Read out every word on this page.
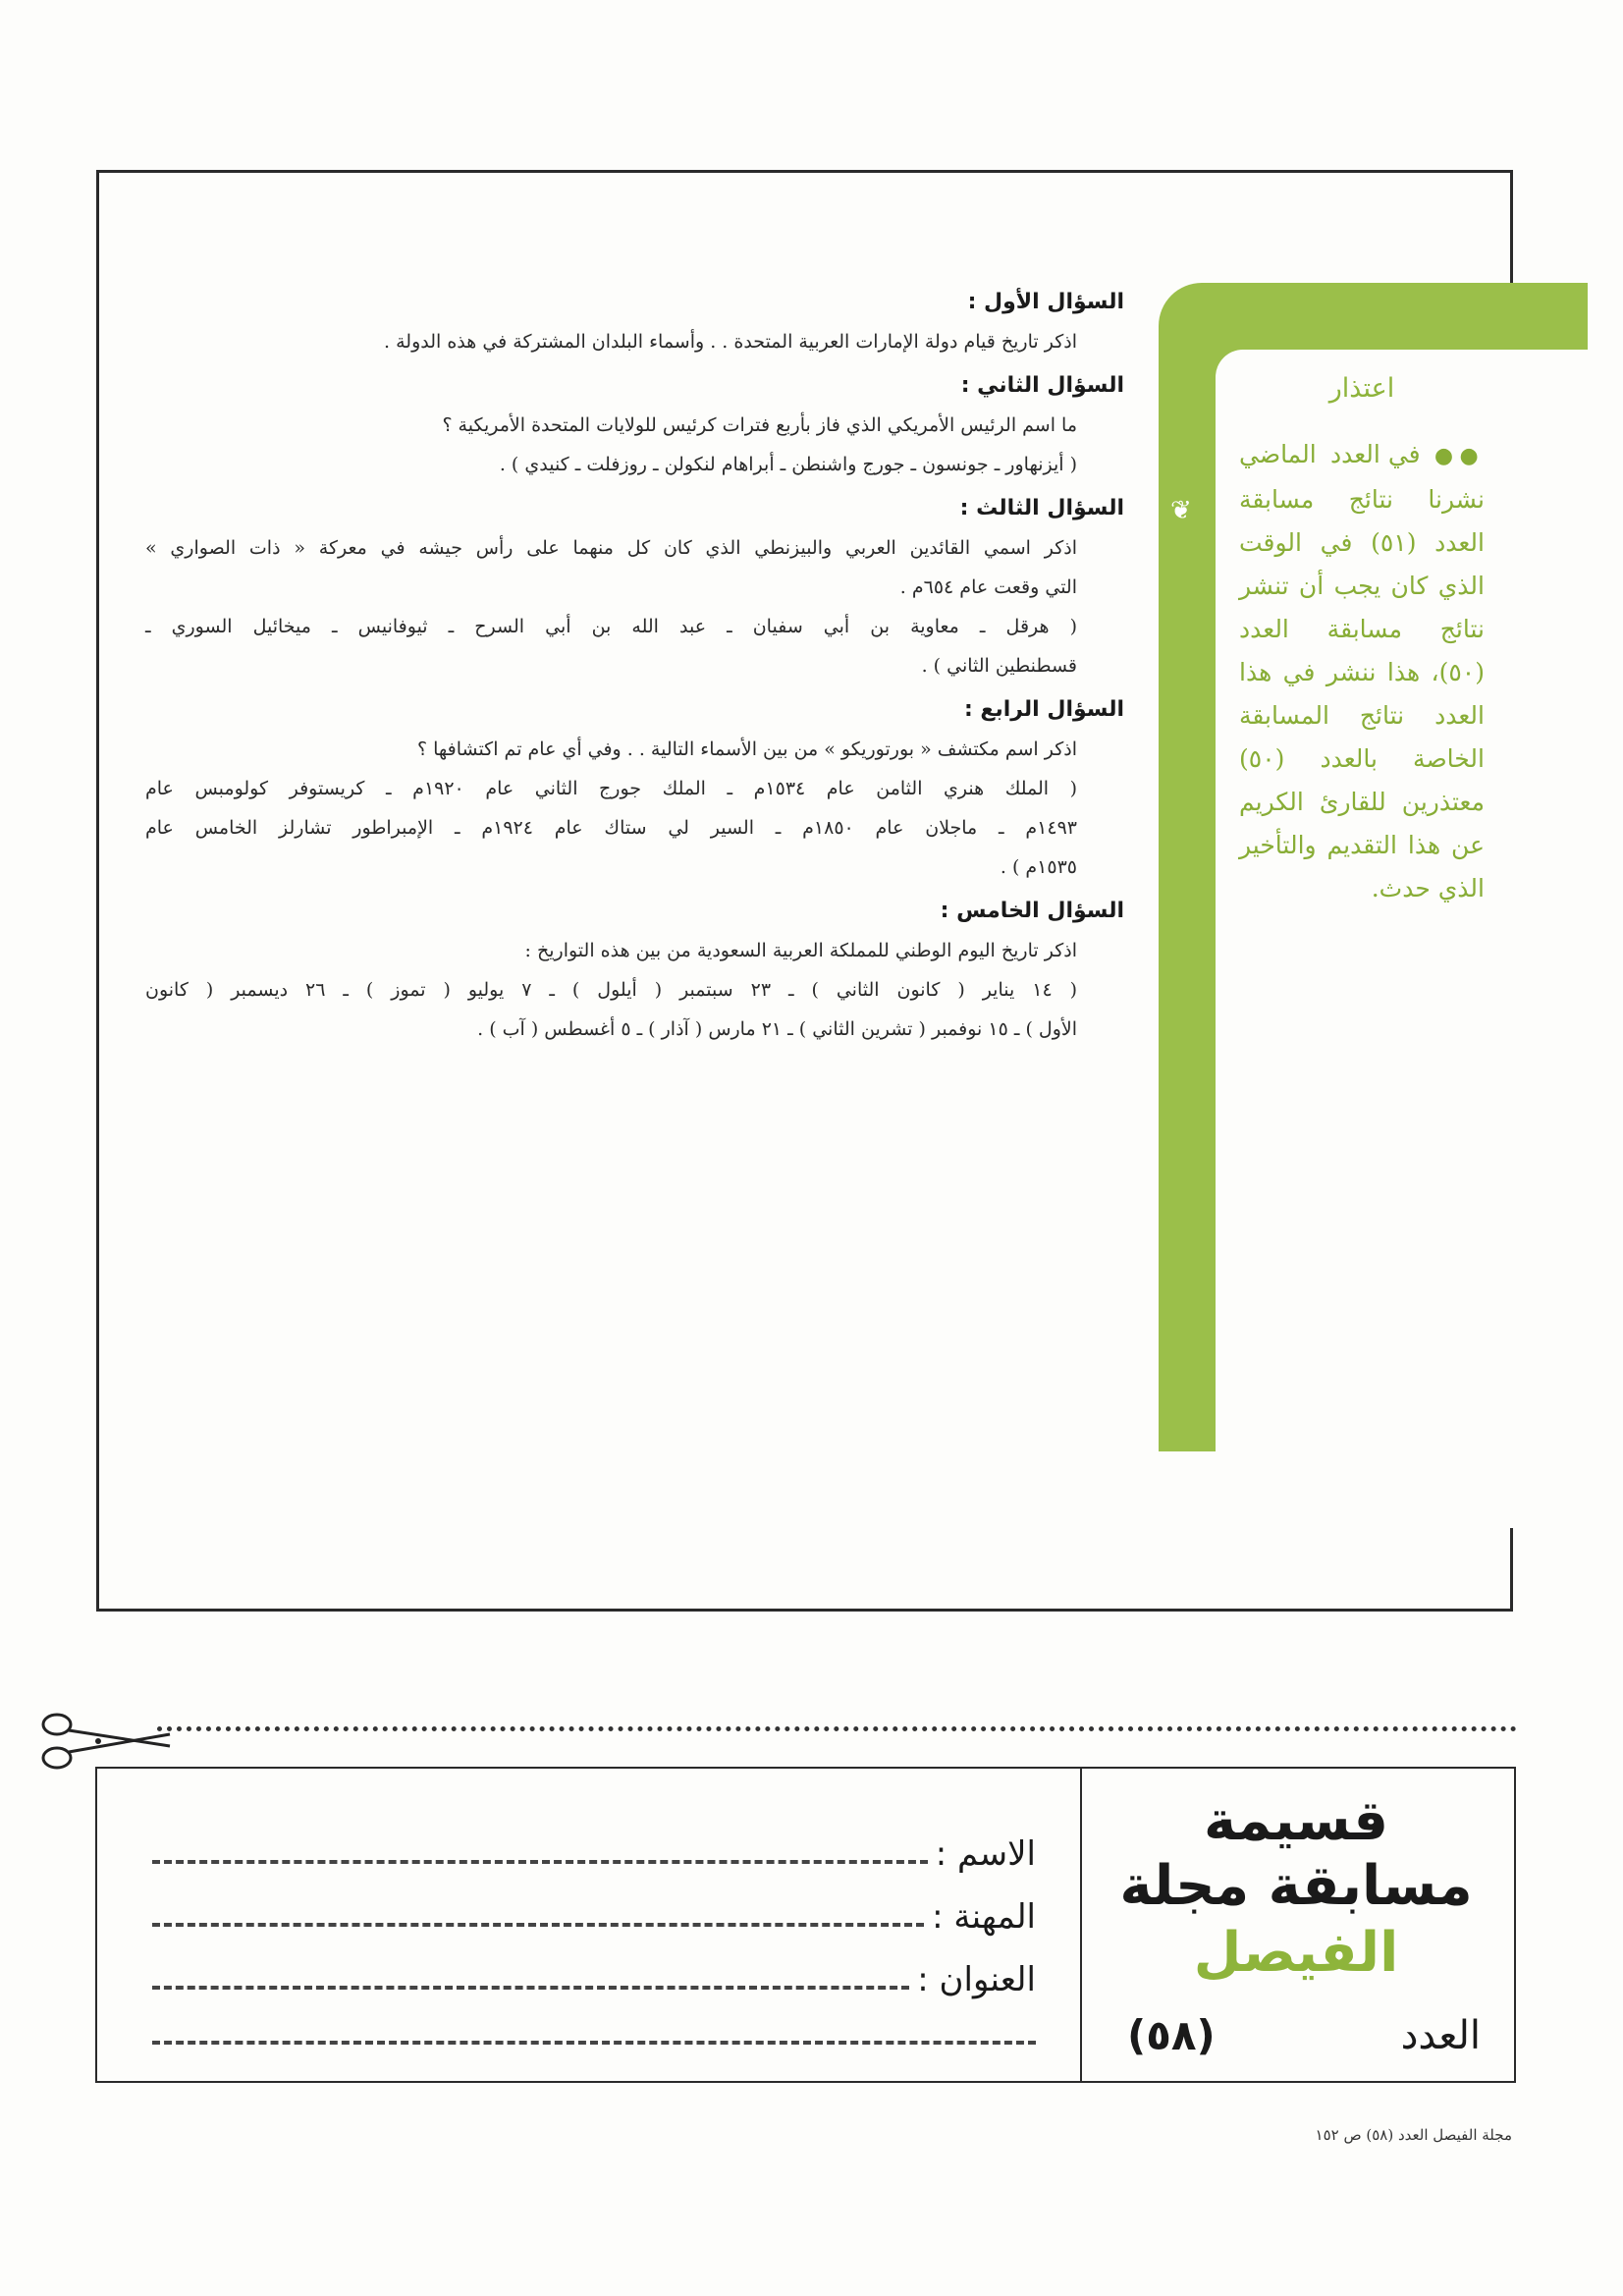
❦

اعتذار

●● في العدد الماضي نشرنا نتائج مسابقة العدد (٥١) في الوقت الذي كان يجب أن تنشر نتائج مسابقة العدد (٥٠)، هذا ننشر في هذا العدد نتائج المسابقة الخاصة بالعدد (٥٠) معتذرين للقارئ الكريم عن هذا التقديم والتأخير الذي حدث.

السؤال الأول :

اذكر تاريخ قيام دولة الإمارات العربية المتحدة . . وأسماء البلدان المشتركة في هذه الدولة .

السؤال الثاني :

ما اسم الرئيس الأمريكي الذي فاز بأربع فترات كرئيس للولايات المتحدة الأمريكية ؟

( أيزنهاور ـ جونسون ـ جورج واشنطن ـ أبراهام لنكولن ـ روزفلت ـ كنيدي ) .

السؤال الثالث :

اذكر اسمي القائدين العربي والبيزنطي الذي كان كل منهما على رأس جيشه في معركة « ذات الصواري »

التي وقعت عام ٦٥٤م .

( هرقل ـ معاوية بن أبي سفيان ـ عبد الله بن أبي السرح ـ ثيوفانيس ـ ميخائيل السوري ـ

قسطنطين الثاني ) .

السؤال الرابع :

اذكر اسم مكتشف « بورتوريكو » من بين الأسماء التالية . . وفي أي عام تم اكتشافها ؟

( الملك هنري الثامن عام ١٥٣٤م ـ الملك جورج الثاني عام ١٩٢٠م ـ كريستوفر كولومبس عام

١٤٩٣م ـ ماجلان عام ١٨٥٠م ـ السير لي ستاك عام ١٩٢٤م ـ الإمبراطور تشارلز الخامس عام

١٥٣٥م ) .

السؤال الخامس :

اذكر تاريخ اليوم الوطني للمملكة العربية السعودية من بين هذه التواريخ :

( ١٤ يناير ( كانون الثاني ) ـ ٢٣ سبتمبر ( أيلول ) ـ ٧ يوليو ( تموز ) ـ ٢٦ ديسمبر ( كانون

الأول ) ـ ١٥ نوفمبر ( تشرين الثاني ) ـ ٢١ مارس ( آذار ) ـ ٥ أغسطس ( آب ) .

قسيمة
مسابقة مجلة
الفيصل
العدد
(٥٨)
الاسم :
المهنة :
العنوان :
مجلة الفيصل العدد (٥٨) ص ١٥٢
